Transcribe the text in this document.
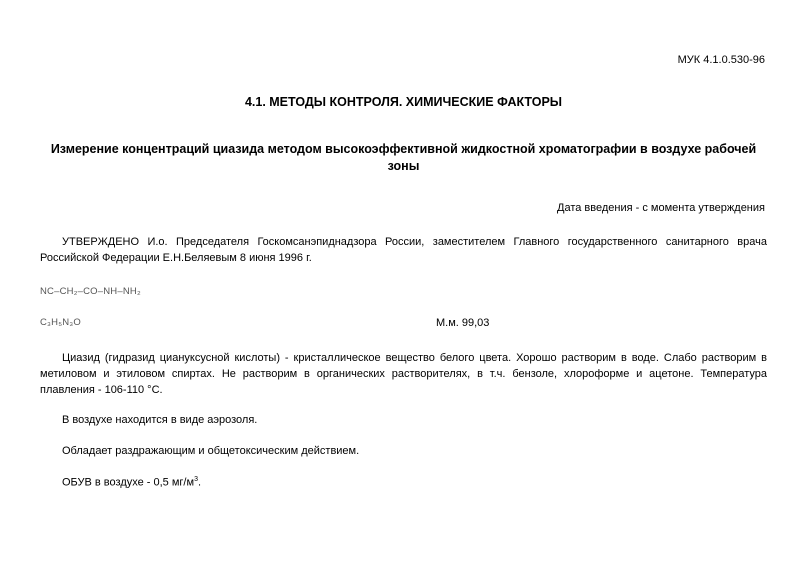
МУК 4.1.0.530-96
4.1. МЕТОДЫ КОНТРОЛЯ. ХИМИЧЕСКИЕ ФАКТОРЫ
Измерение концентраций циазида методом высокоэффективной жидкостной хроматографии в воздухе рабочей зоны
Дата введения - с момента утверждения
УТВЕРЖДЕНО И.о. Председателя Госкомсанэпиднадзора России, заместителем Главного государственного санитарного врача Российской Федерации Е.Н.Беляевым 8 июня 1996 г.
NC–CH₂–CO–NH–NH₂
C₃H₅N₃O	М.м. 99,03
Циазид (гидразид циануксусной кислоты) - кристаллическое вещество белого цвета. Хорошо растворим в воде. Слабо растворим в метиловом и этиловом спиртах. Не растворим в органических растворителях, в т.ч. бензоле, хлороформе и ацетоне. Температура плавления - 106-110 °С.
В воздухе находится в виде аэрозоля.
Обладает раздражающим и общетоксическим действием.
ОБУВ в воздухе - 0,5 $мг/м^3$.
